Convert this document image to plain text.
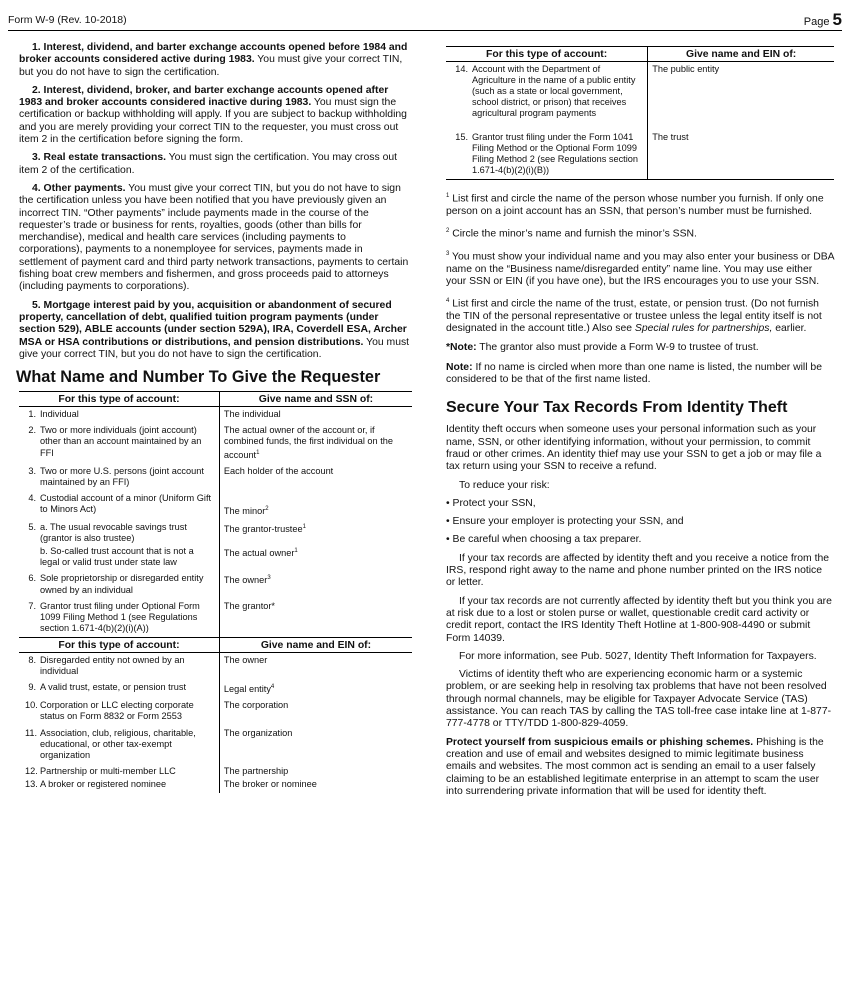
Form W-9 (Rev. 10-2018)	Page 5

1. Interest, dividend, and barter exchange accounts opened before 1984 and broker accounts considered active during 1983. You must give your correct TIN, but you do not have to sign the certification.

2. Interest, dividend, broker, and barter exchange accounts opened after 1983 and broker accounts considered inactive during 1983. You must sign the certification or backup withholding will apply. If you are subject to backup withholding and you are merely providing your correct TIN to the requester, you must cross out item 2 in the certification before signing the form.

3. Real estate transactions. You must sign the certification. You may cross out item 2 of the certification.

4. Other payments. You must give your correct TIN, but you do not have to sign the certification unless you have been notified that you have previously given an incorrect TIN. “Other payments” include payments made in the course of the requester’s trade or business for rents, royalties, goods (other than bills for merchandise), medical and health care services (including payments to corporations), payments to a nonemployee for services, payments made in settlement of payment card and third party network transactions, payments to certain fishing boat crew members and fishermen, and gross proceeds paid to attorneys (including payments to corporations).

5. Mortgage interest paid by you, acquisition or abandonment of secured property, cancellation of debt, qualified tuition program payments (under section 529), ABLE accounts (under section 529A), IRA, Coverdell ESA, Archer MSA or HSA contributions or distributions, and pension distributions. You must give your correct TIN, but you do not have to sign the certification.

What Name and Number To Give the Requester
For this type of account:	Give name and SSN of:
1. Individual	The individual
2. Two or more individuals (joint account) other than an account maintained by an FFI	The actual owner of the account or, if combined funds, the first individual on the account$^1$
3. Two or more U.S. persons (joint account maintained by an FFI)	Each holder of the account
4. Custodial account of a minor (Uniform Gift to Minors Act)	The minor$^2$
5. a. The usual revocable savings trust (grantor is also trustee)	The grantor-trustee$^1$
b. So-called trust account that is not a legal or valid trust under state law	The actual owner$^1$
6. Sole proprietorship or disregarded entity owned by an individual	The owner$^3$
7. Grantor trust filing under Optional Form 1099 Filing Method 1 (see Regulations section 1.671-4(b)(2)(i)(A))	The grantor*
For this type of account:	Give name and EIN of:
8. Disregarded entity not owned by an individual	The owner
9. A valid trust, estate, or pension trust	Legal entity$^4$
10. Corporation or LLC electing corporate status on Form 8832 or Form 2553	The corporation
11. Association, club, religious, charitable, educational, or other tax-exempt organization	The organization
12. Partnership or multi-member LLC	The partnership
13. A broker or registered nominee	The broker or nominee
For this type of account:	Give name and EIN of:
14. Account with the Department of Agriculture in the name of a public entity (such as a state or local government, school district, or prison) that receives agricultural program payments	The public entity
15. Grantor trust filing under the Form 1041 Filing Method or the Optional Form 1099 Filing Method 2 (see Regulations section 1.671-4(b)(2)(i)(B))	The trust

$^1$ List first and circle the name of the person whose number you furnish. If only one person on a joint account has an SSN, that person’s number must be furnished.

$^2$ Circle the minor’s name and furnish the minor’s SSN.

$^3$ You must show your individual name and you may also enter your business or DBA name on the “Business name/disregarded entity” name line. You may use either your SSN or EIN (if you have one), but the IRS encourages you to use your SSN.

$^4$ List first and circle the name of the trust, estate, or pension trust. (Do not furnish the TIN of the personal representative or trustee unless the legal entity itself is not designated in the account title.) Also see Special rules for partnerships, earlier.

*Note: The grantor also must provide a Form W-9 to trustee of trust.

Note: If no name is circled when more than one name is listed, the number will be considered to be that of the first name listed.

Secure Your Tax Records From Identity Theft

Identity theft occurs when someone uses your personal information such as your name, SSN, or other identifying information, without your permission, to commit fraud or other crimes. An identity thief may use your SSN to get a job or may file a tax return using your SSN to receive a refund.

To reduce your risk:

• Protect your SSN,

• Ensure your employer is protecting your SSN, and

• Be careful when choosing a tax preparer.

If your tax records are affected by identity theft and you receive a notice from the IRS, respond right away to the name and phone number printed on the IRS notice or letter.

If your tax records are not currently affected by identity theft but you think you are at risk due to a lost or stolen purse or wallet, questionable credit card activity or credit report, contact the IRS Identity Theft Hotline at 1-800-908-4490 or submit Form 14039.

For more information, see Pub. 5027, Identity Theft Information for Taxpayers.

Victims of identity theft who are experiencing economic harm or a systemic problem, or are seeking help in resolving tax problems that have not been resolved through normal channels, may be eligible for Taxpayer Advocate Service (TAS) assistance. You can reach TAS by calling the TAS toll-free case intake line at 1-877-777-4778 or TTY/TDD 1-800-829-4059.

Protect yourself from suspicious emails or phishing schemes. Phishing is the creation and use of email and websites designed to mimic legitimate business emails and websites. The most common act is sending an email to a user falsely claiming to be an established legitimate enterprise in an attempt to scam the user into surrendering private information that will be used for identity theft.
